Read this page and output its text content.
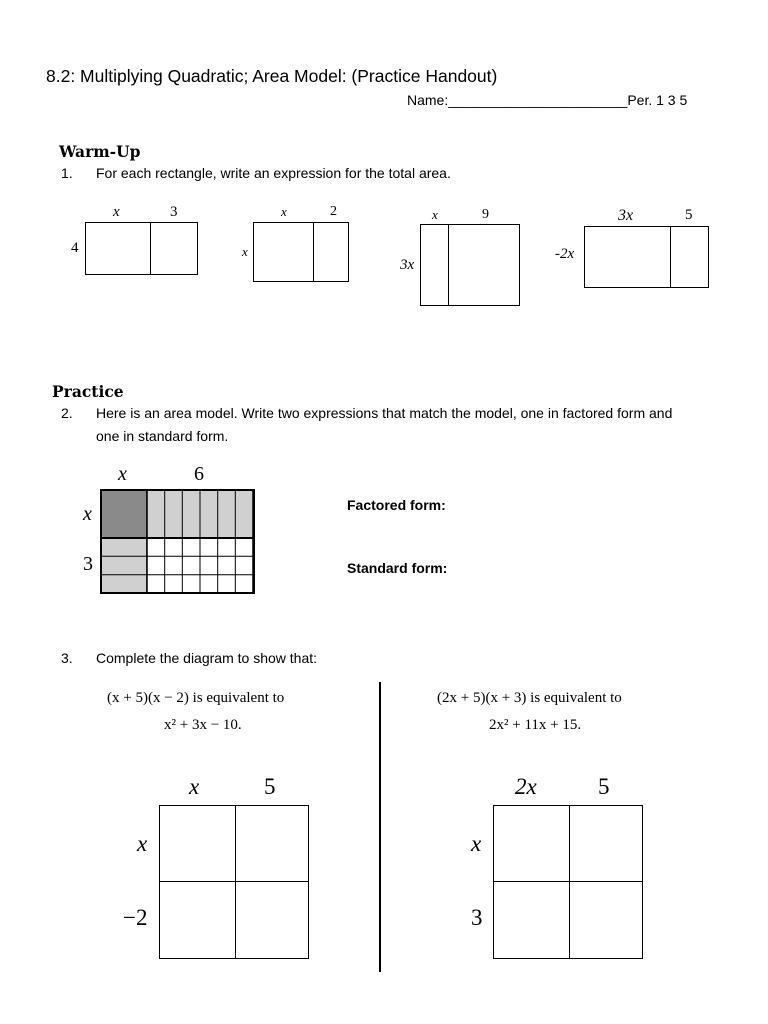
8.2: Multiplying Quadratic; Area Model: (Practice Handout)
Name:_______________________Per. 1 3 5
Warm-Up
1. For each rectangle, write an expression for the total area.
x	3
4
x	2
x
x	9
3x
3x	5
-2x
Practice
2. Here is an area model. Write two expressions that match the model, one in factored form and
one in standard form.
x	6
x
3
Factored form:
Standard form:
3. Complete the diagram to show that:
(x + 5)(x − 2) is equivalent to
x² + 3x − 10.
x	5
x
−2
(2x + 5)(x + 3) is equivalent to
2x² + 11x + 15.
2x	5
x
3
